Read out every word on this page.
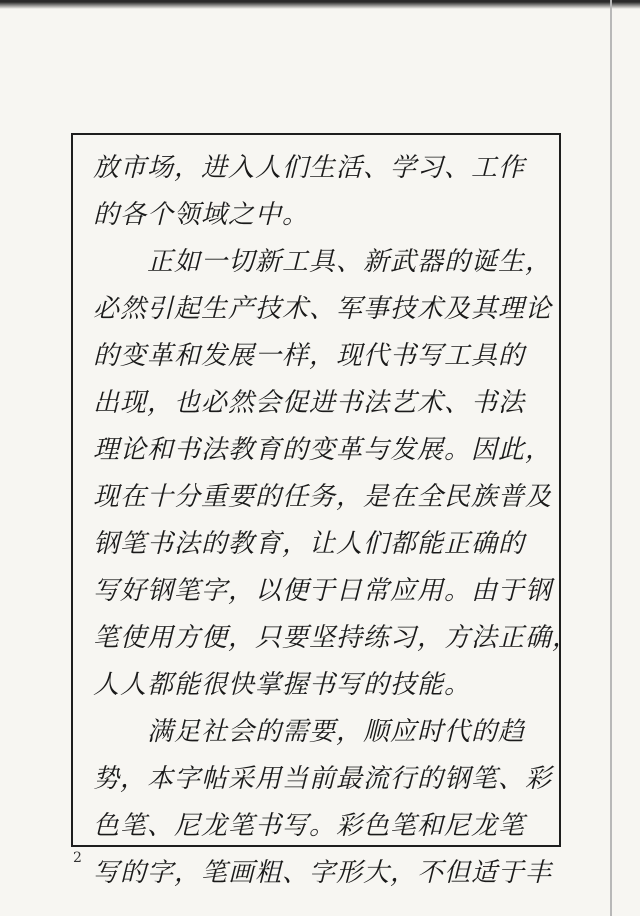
放市场，进入人们生活、学习、工作
的各个领域之中。
　　正如一切新工具、新武器的诞生，
必然引起生产技术、军事技术及其理论
的变革和发展一样，现代书写工具的
出现，也必然会促进书法艺术、书法
理论和书法教育的变革与发展。因此，
现在十分重要的任务，是在全民族普及
钢笔书法的教育，让人们都能正确的
写好钢笔字，以便于日常应用。由于钢
笔使用方便，只要坚持练习，方法正确，
人人都能很快掌握书写的技能。
　　满足社会的需要，顺应时代的趋
势，本字帖采用当前最流行的钢笔、彩
色笔、尼龙笔书写。彩色笔和尼龙笔
写的字，笔画粗、字形大，不但适于丰
2
